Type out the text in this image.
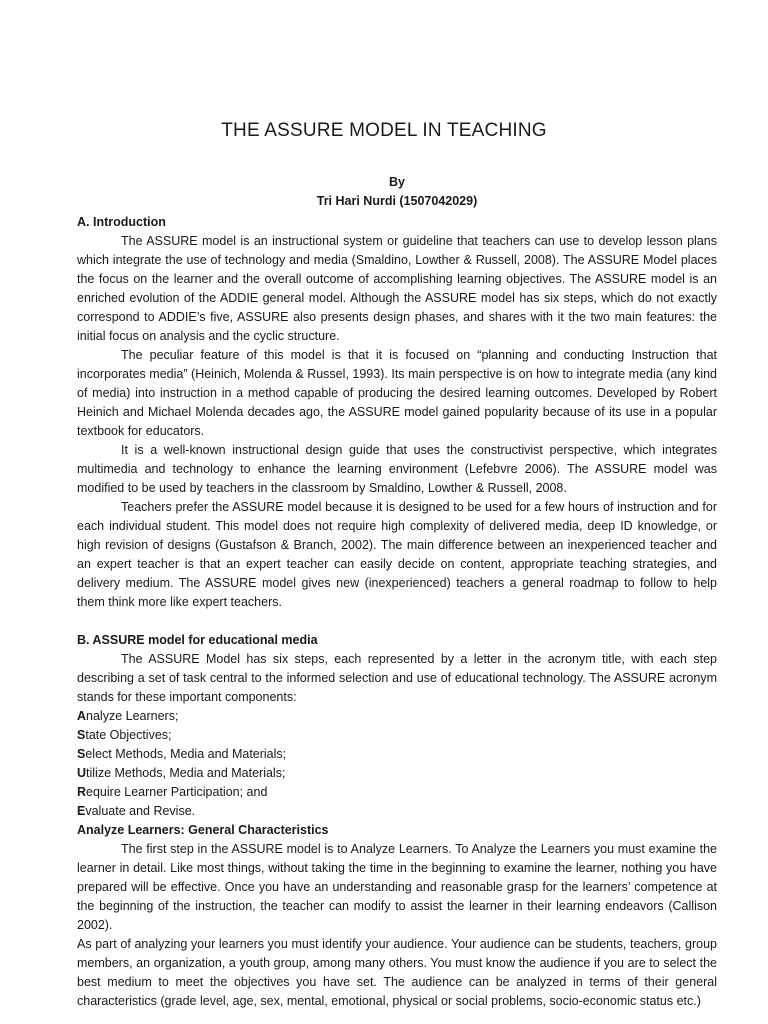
THE ASSURE MODEL IN TEACHING
By
Tri Hari Nurdi (1507042029)
A. Introduction

The ASSURE model is an instructional system or guideline that teachers can use to develop lesson plans which integrate the use of technology and media (Smaldino, Lowther & Russell, 2008). The ASSURE Model places the focus on the learner and the overall outcome of accomplishing learning objectives. The ASSURE model is an enriched evolution of the ADDIE general model. Although the ASSURE model has six steps, which do not exactly correspond to ADDIE’s five, ASSURE also presents design phases, and shares with it the two main features: the initial focus on analysis and the cyclic structure.

The peculiar feature of this model is that it is focused on “planning and conducting Instruction that incorporates media” (Heinich, Molenda & Russel, 1993). Its main perspective is on how to integrate media (any kind of media) into instruction in a method capable of producing the desired learning outcomes. Developed by Robert Heinich and Michael Molenda decades ago, the ASSURE model gained popularity because of its use in a popular textbook for educators.

It is a well-known instructional design guide that uses the constructivist perspective, which integrates multimedia and technology to enhance the learning environment (Lefebvre 2006). The ASSURE model was modified to be used by teachers in the classroom by Smaldino, Lowther & Russell, 2008.

Teachers prefer the ASSURE model because it is designed to be used for a few hours of instruction and for each individual student. This model does not require high complexity of delivered media, deep ID knowledge, or high revision of designs (Gustafson & Branch, 2002). The main difference between an inexperienced teacher and an expert teacher is that an expert teacher can easily decide on content, appropriate teaching strategies, and delivery medium. The ASSURE model gives new (inexperienced) teachers a general roadmap to follow to help them think more like expert teachers.

B. ASSURE model for educational media

The ASSURE Model has six steps, each represented by a letter in the acronym title, with each step describing a set of task central to the informed selection and use of educational technology. The ASSURE acronym stands for these important components:

Analyze Learners;
State Objectives;
Select Methods, Media and Materials;
Utilize Methods, Media and Materials;
Require Learner Participation; and
Evaluate and Revise.
Analyze Learners: General Characteristics

The first step in the ASSURE model is to Analyze Learners. To Analyze the Learners you must examine the learner in detail. Like most things, without taking the time in the beginning to examine the learner, nothing you have prepared will be effective. Once you have an understanding and reasonable grasp for the learners’ competence at the beginning of the instruction, the teacher can modify to assist the learner in their learning endeavors (Callison 2002).

As part of analyzing your learners you must identify your audience. Your audience can be students, teachers, group members, an organization, a youth group, among many others. You must know the audience if you are to select the best medium to meet the objectives you have set. The audience can be analyzed in terms of their general characteristics (grade level, age, sex, mental, emotional, physical or social problems, socio-economic status etc.)
